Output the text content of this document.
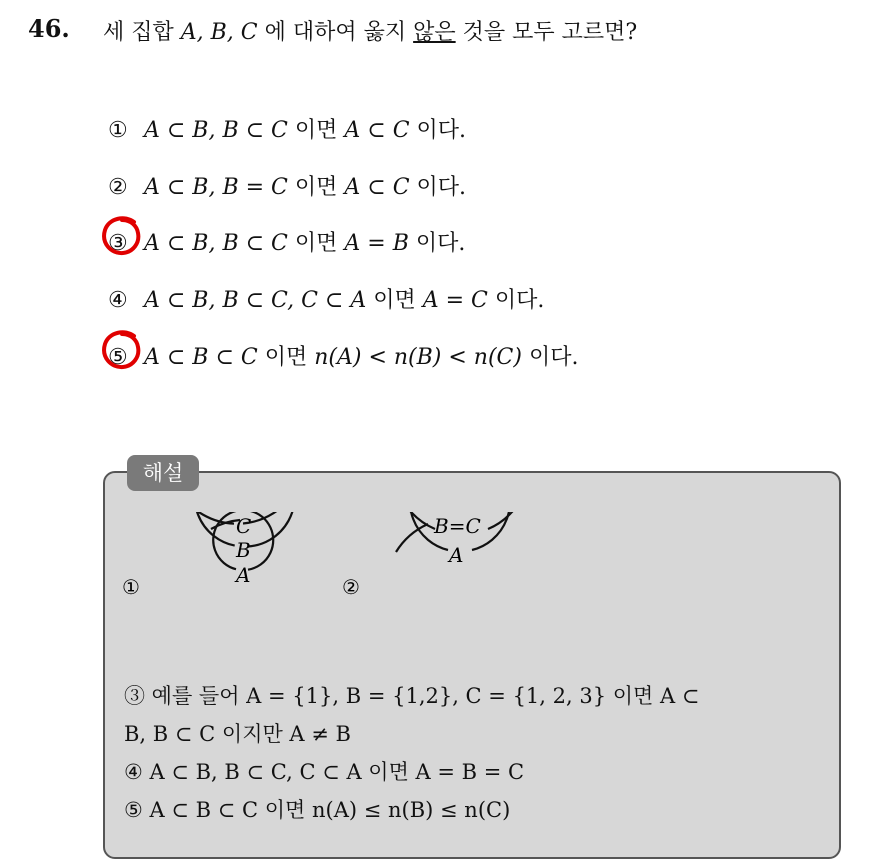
46. 세 집합 A, B, C 에 대하여 옳지 않은 것을 모두 고르면?
① A ⊂ B, B ⊂ C 이면 A ⊂ C 이다.
② A ⊂ B, B = C 이면 A ⊂ C 이다.
③ A ⊂ B, B ⊂ C 이면 A = B 이다.
④ A ⊂ B, B ⊂ C, C ⊂ A 이면 A = C 이다.
⑤ A ⊂ B ⊂ C 이면 n(A) < n(B) < n(C) 이다.
해설
①
C
B
A	②
B=C
A
③ 예를 들어 A = {1}, B = {1,2}, C = {1, 2, 3} 이면 A ⊂
B, B ⊂ C 이지만 A ≠ B
④ A ⊂ B, B ⊂ C, C ⊂ A 이면 A = B = C
⑤ A ⊂ B ⊂ C 이면 n(A) ≤ n(B) ≤ n(C)
